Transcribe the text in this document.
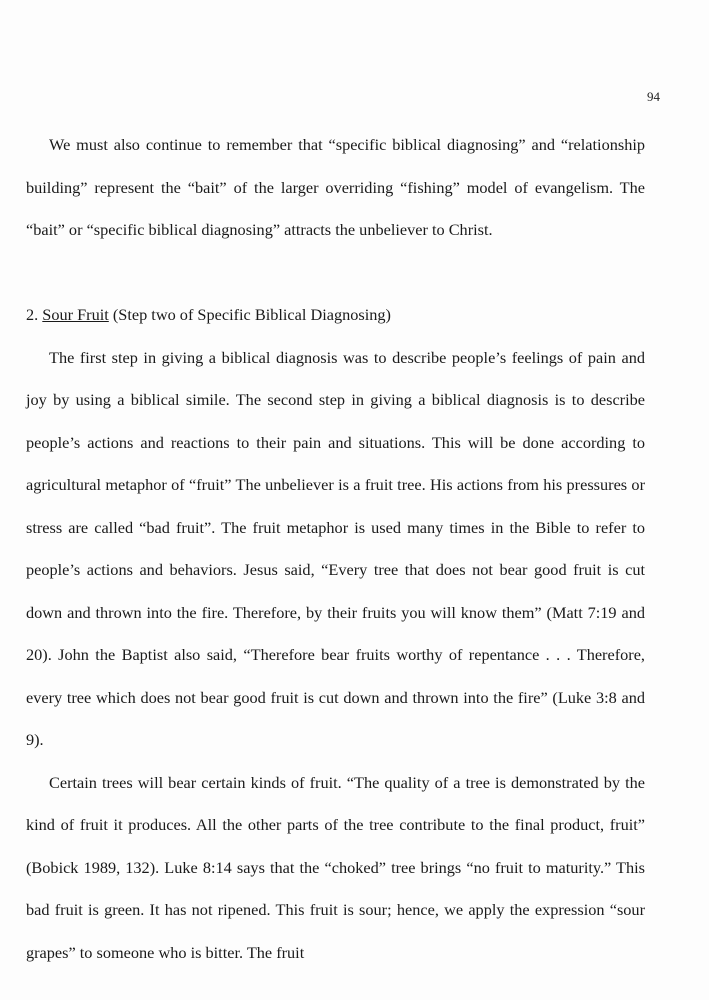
94

We must also continue to remember that “specific biblical diagnosing” and “relationship building” represent the “bait” of the larger overriding “fishing” model of evangelism. The “bait” or “specific biblical diagnosing” attracts the unbeliever to Christ.

2. Sour Fruit (Step two of Specific Biblical Diagnosing)

The first step in giving a biblical diagnosis was to describe people’s feelings of pain and joy by using a biblical simile. The second step in giving a biblical diagnosis is to describe people’s actions and reactions to their pain and situations. This will be done according to agricultural metaphor of “fruit” The unbeliever is a fruit tree. His actions from his pressures or stress are called “bad fruit”. The fruit metaphor is used many times in the Bible to refer to people’s actions and behaviors. Jesus said, “Every tree that does not bear good fruit is cut down and thrown into the fire. Therefore, by their fruits you will know them” (Matt 7:19 and 20). John the Baptist also said, “Therefore bear fruits worthy of repentance . . . Therefore, every tree which does not bear good fruit is cut down and thrown into the fire” (Luke 3:8 and 9).

Certain trees will bear certain kinds of fruit. “The quality of a tree is demonstrated by the kind of fruit it produces. All the other parts of the tree contribute to the final product, fruit” (Bobick 1989, 132). Luke 8:14 says that the “choked” tree brings “no fruit to maturity.” This bad fruit is green. It has not ripened. This fruit is sour; hence, we apply the expression “sour grapes” to someone who is bitter. The fruit
